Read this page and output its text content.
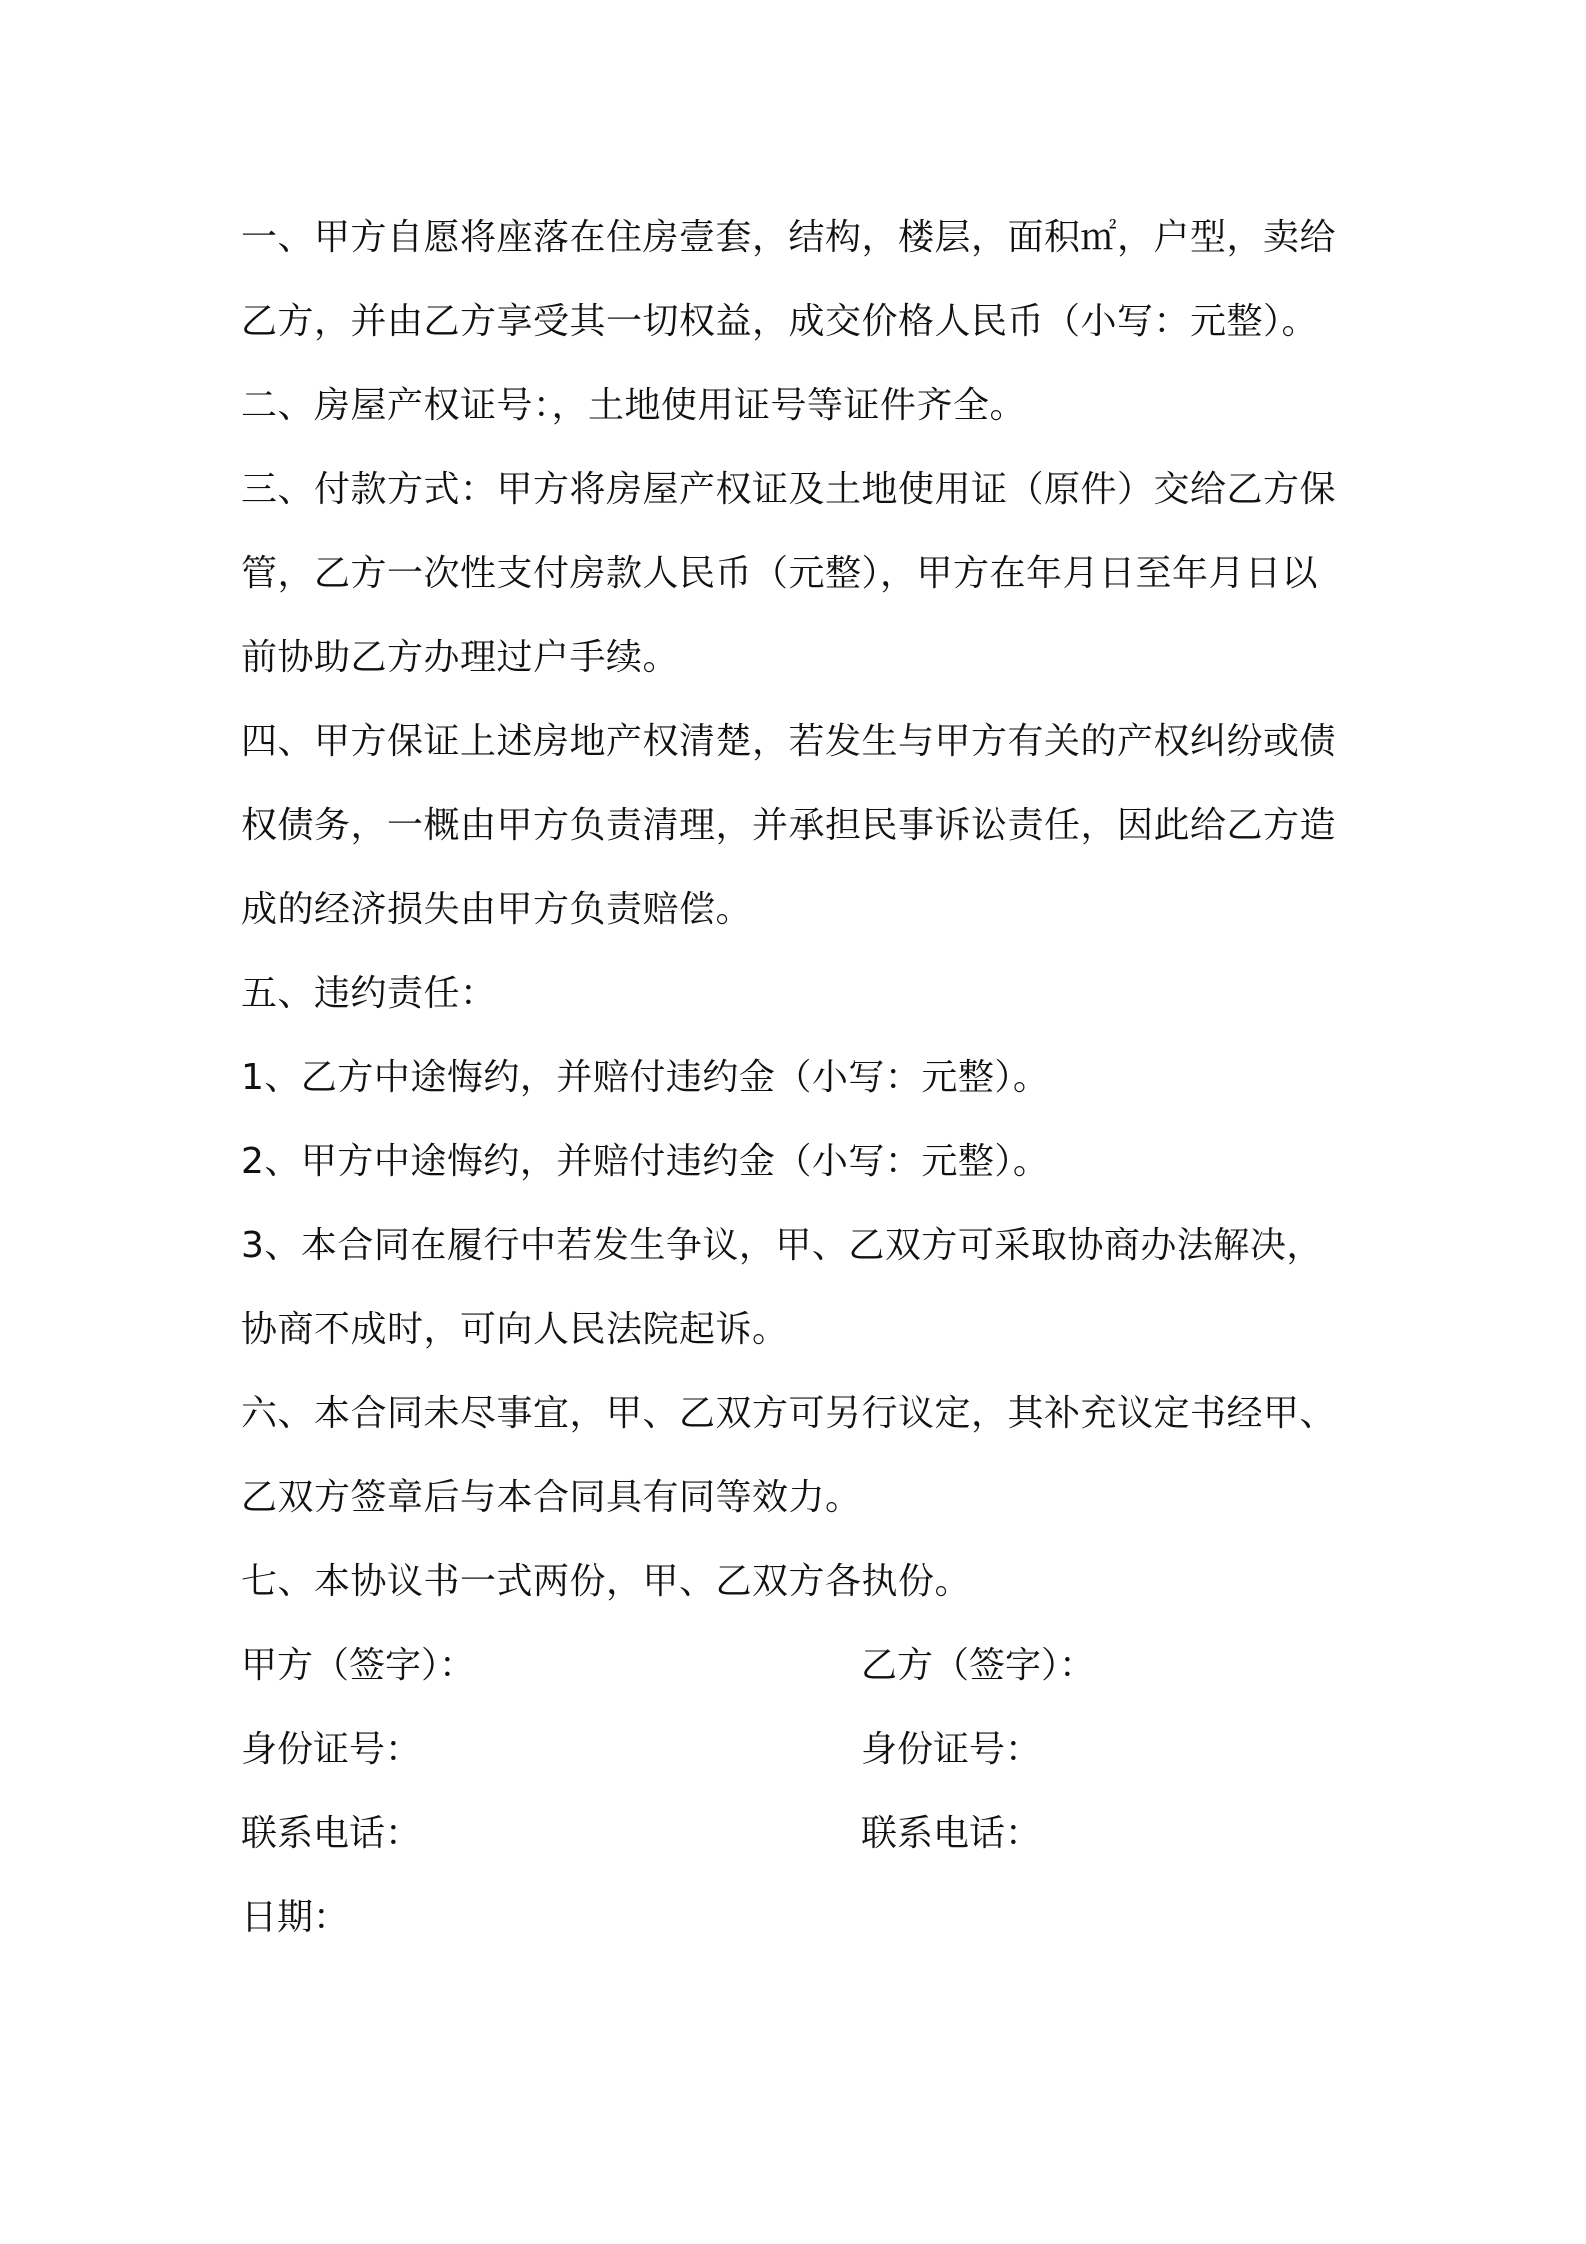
一、甲方自愿将座落在住房壹套，结构，楼层，面积㎡，户型，卖给
乙方，并由乙方享受其一切权益，成交价格人民币（小写：元整）。
二、房屋产权证号：，土地使用证号等证件齐全。
三、付款方式：甲方将房屋产权证及土地使用证（原件）交给乙方保
管，乙方一次性支付房款人民币（元整），甲方在年月日至年月日以
前协助乙方办理过户手续。
四、甲方保证上述房地产权清楚，若发生与甲方有关的产权纠纷或债
权债务，一概由甲方负责清理，并承担民事诉讼责任，因此给乙方造
成的经济损失由甲方负责赔偿。
五、违约责任：
1、乙方中途悔约，并赔付违约金（小写：元整）。
2、甲方中途悔约，并赔付违约金（小写：元整）。
3、本合同在履行中若发生争议，甲、乙双方可采取协商办法解决，
协商不成时，可向人民法院起诉。
六、本合同未尽事宜，甲、乙双方可另行议定，其补充议定书经甲、
乙双方签章后与本合同具有同等效力。
七、本协议书一式两份，甲、乙双方各执份。
甲方（签字）：	乙方（签字）：
身份证号：	身份证号：
联系电话：	联系电话：
日期：
